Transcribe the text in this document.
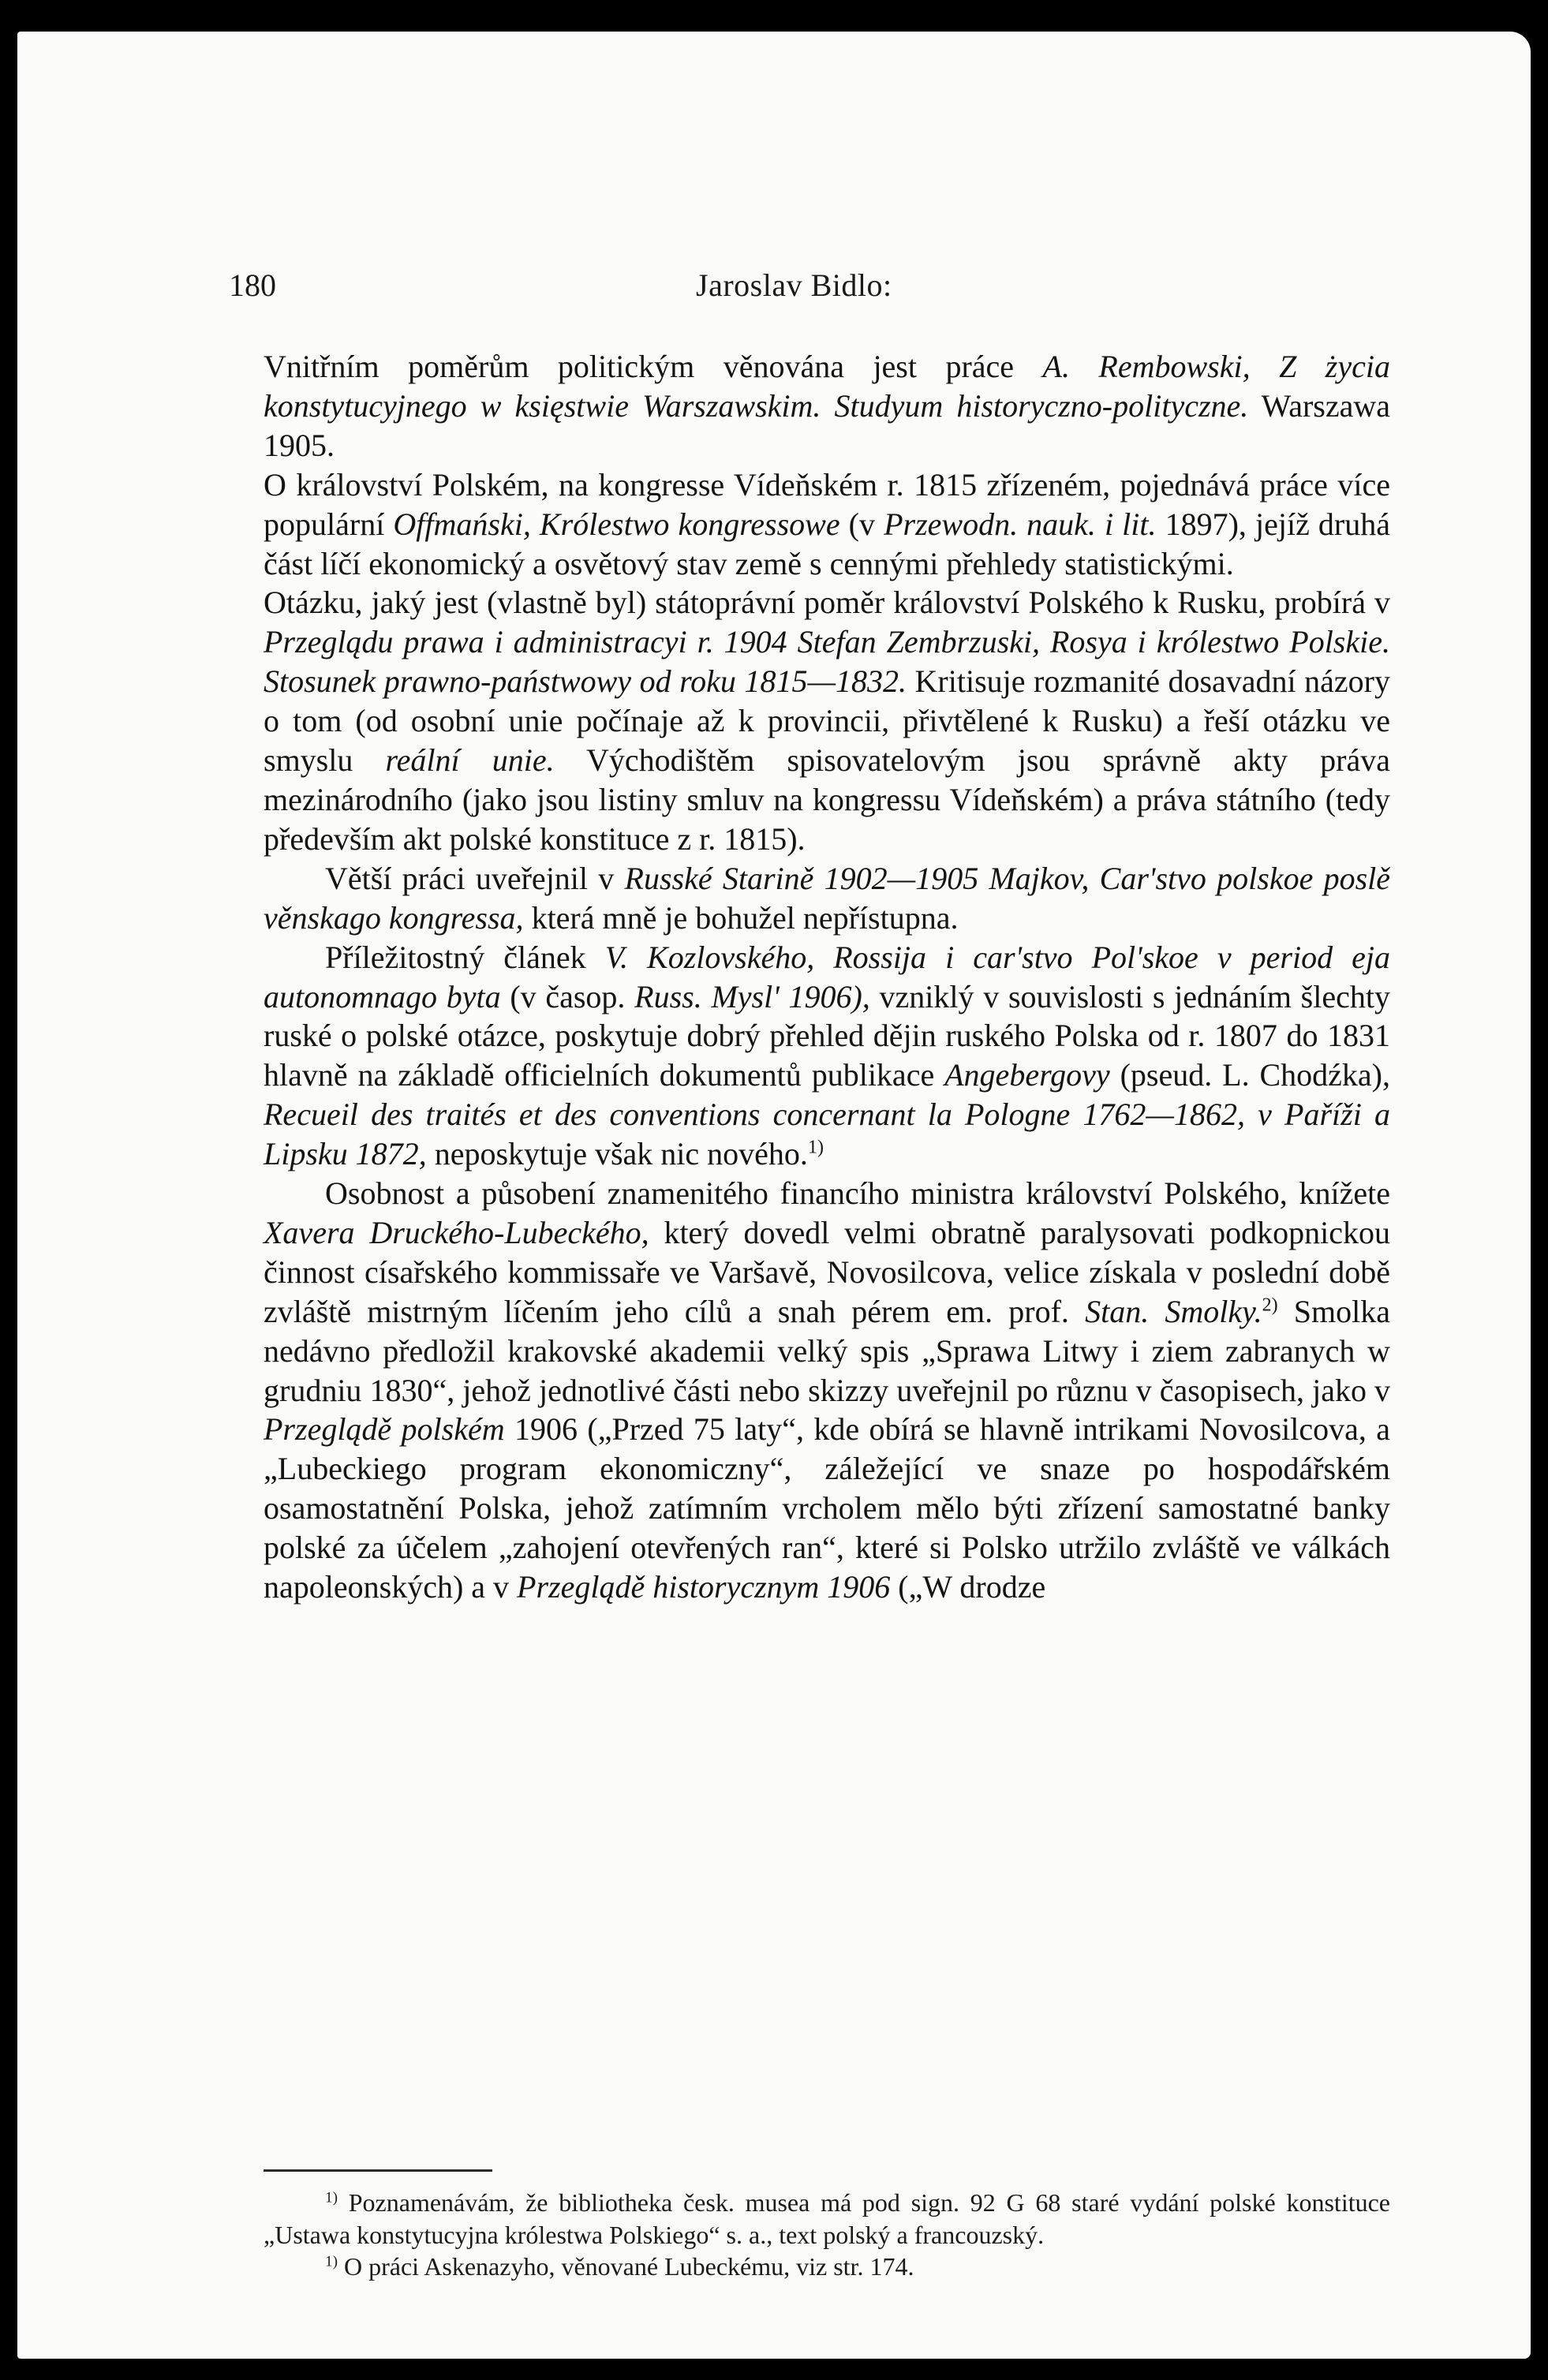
180	Jaroslav Bidlo:

Vnitřním poměrům politickým věnována jest práce A. Rembowski, Z życia konstytucyjnego w księstwie Warszawskim. Studyum historyczno-polityczne. Warszawa 1905.

O království Polském, na kongresse Vídeňském r. 1815 zřízeném, pojednává práce více populární Offmański, Królestwo kongressowe (v Przewodn. nauk. i lit. 1897), jejíž druhá část líčí ekonomický a osvětový stav země s cennými přehledy statistickými.

Otázku, jaký jest (vlastně byl) státoprávní poměr království Polského k Rusku, probírá v Przeglądu prawa i administracyi r. 1904 Stefan Zembrzuski, Rosya i królestwo Polskie. Stosunek prawno-państwowy od roku 1815—1832. Kritisuje rozmanité dosavadní názory o tom (od osobní unie počínaje až k provincii, přivtělené k Rusku) a řeší otázku ve smyslu reální unie. Východištěm spisovatelovým jsou správně akty práva mezinárodního (jako jsou listiny smluv na kongressu Vídeňském) a práva státního (tedy především akt polské konstituce z r. 1815).

Větší práci uveřejnil v Russké Starině 1902—1905 Majkov, Car'stvo polskoe poslě věnskago kongressa, která mně je bohužel nepřístupna.

Příležitostný článek V. Kozlovského, Rossija i car'stvo Pol'skoe v period eja autonomnago byta (v časop. Russ. Mysl' 1906), vzniklý v souvislosti s jednáním šlechty ruské o polské otázce, poskytuje dobrý přehled dějin ruského Polska od r. 1807 do 1831 hlavně na základě officielních dokumentů publikace Angebergovy (pseud. L. Chodźka), Recueil des traités et des conventions concernant la Pologne 1762—1862, v Paříži a Lipsku 1872, neposkytuje však nic nového.$^{1)}$

Osobnost a působení znamenitého financího ministra království Polského, knížete Xavera Druckého-Lubeckého, který dovedl velmi obratně paralysovati podkopnickou činnost císařského kommissaře ve Varšavě, Novosilcova, velice získala v poslední době zvláště mistrným líčením jeho cílů a snah pérem em. prof. Stan. Smolky.$^{2)}$ Smolka nedávno předložil krakovské akademii velký spis „Sprawa Litwy i ziem zabranych w grudniu 1830“, jehož jednotlivé části nebo skizzy uveřejnil po různu v časopisech, jako v Przeglądě polském 1906 („Przed 75 laty“, kde obírá se hlavně intrikami Novosilcova, a „Lubeckiego program ekonomiczny“, záležející ve snaze po hospodářském osamostatnění Polska, jehož zatímním vrcholem mělo býti zřízení samostatné banky polské za účelem „zahojení otevřených ran“, které si Polsko utržilo zvláště ve válkách napoleonských) a v Przeglądě historycznym 1906 („W drodze

$^{1)}$ Poznamenávám, že bibliotheka česk. musea má pod sign. 92 G 68 staré vydání polské konstituce „Ustawa konstytucyjna królestwa Polskiego“ s. a., text polský a francouzský.

$^{1)}$ O práci Askenazyho, věnované Lubeckému, viz str. 174.
